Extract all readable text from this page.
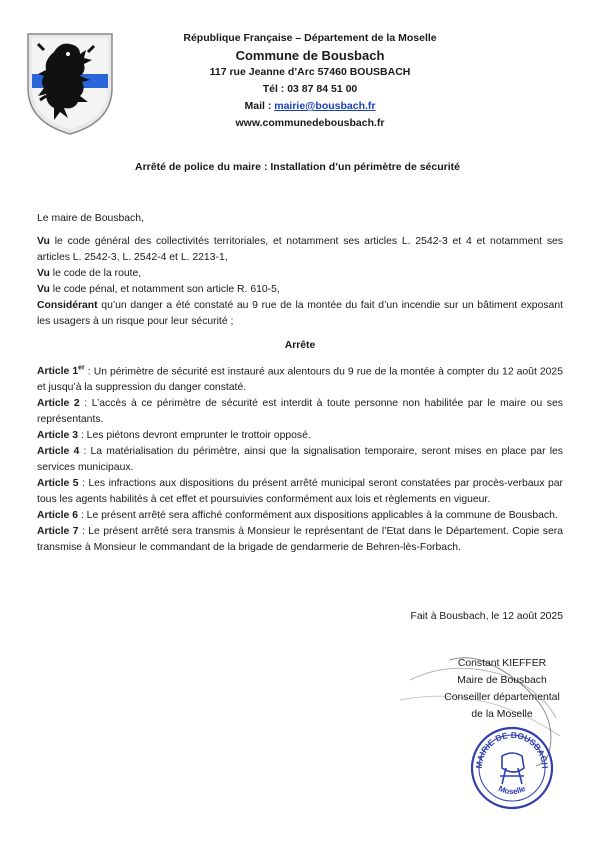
République Française – Département de la Moselle
Commune de Bousbach
117 rue Jeanne d’Arc 57460 BOUSBACH
Tél : 03 87 84 51 00
Mail : mairie@bousbach.fr
www.communedebousbach.fr
Arrêté de police du maire : Installation d’un périmètre de sécurité

Le maire de Bousbach,

Vu le code général des collectivités territoriales, et notamment ses articles L. 2542-3 et 4 et notamment ses articles L. 2542-3, L. 2542-4 et L. 2213-1,

Vu le code de la route,

Vu le code pénal, et notamment son article R. 610-5,

Considérant qu’un danger a été constaté au 9 rue de la montée du fait d’un incendie sur un bâtiment exposant les usagers à un risque pour leur sécurité ;

Arrête

Article 1er : Un périmètre de sécurité est instauré aux alentours du 9 rue de la montée à compter du 12 août 2025 et jusqu’à la suppression du danger constaté.

Article 2 : L’accès à ce périmètre de sécurité est interdit à toute personne non habilitée par le maire ou ses représentants.

Article 3 : Les piétons devront emprunter le trottoir opposé.

Article 4 : La matérialisation du périmètre, ainsi que la signalisation temporaire, seront mises en place par les services municipaux.

Article 5 : Les infractions aux dispositions du présent arrêté municipal seront constatées par procès-verbaux par tous les agents habilités à cet effet et poursuivies conformément aux lois et règlements en vigueur.

Article 6 : Le présent arrêté sera affiché conformément aux dispositions applicables à la commune de Bousbach.

Article 7 : Le présent arrêté sera transmis à Monsieur le représentant de l’Etat dans le Département. Copie sera transmise à Monsieur le commandant de la brigade de gendarmerie de Behren-lès-Forbach.

Fait à Bousbach, le 12 août 2025
Constant KIEFFER
Maire de Bousbach
Conseiller départemental
de la Moselle
MAIRIE DE BOUSBACH
Moselle
